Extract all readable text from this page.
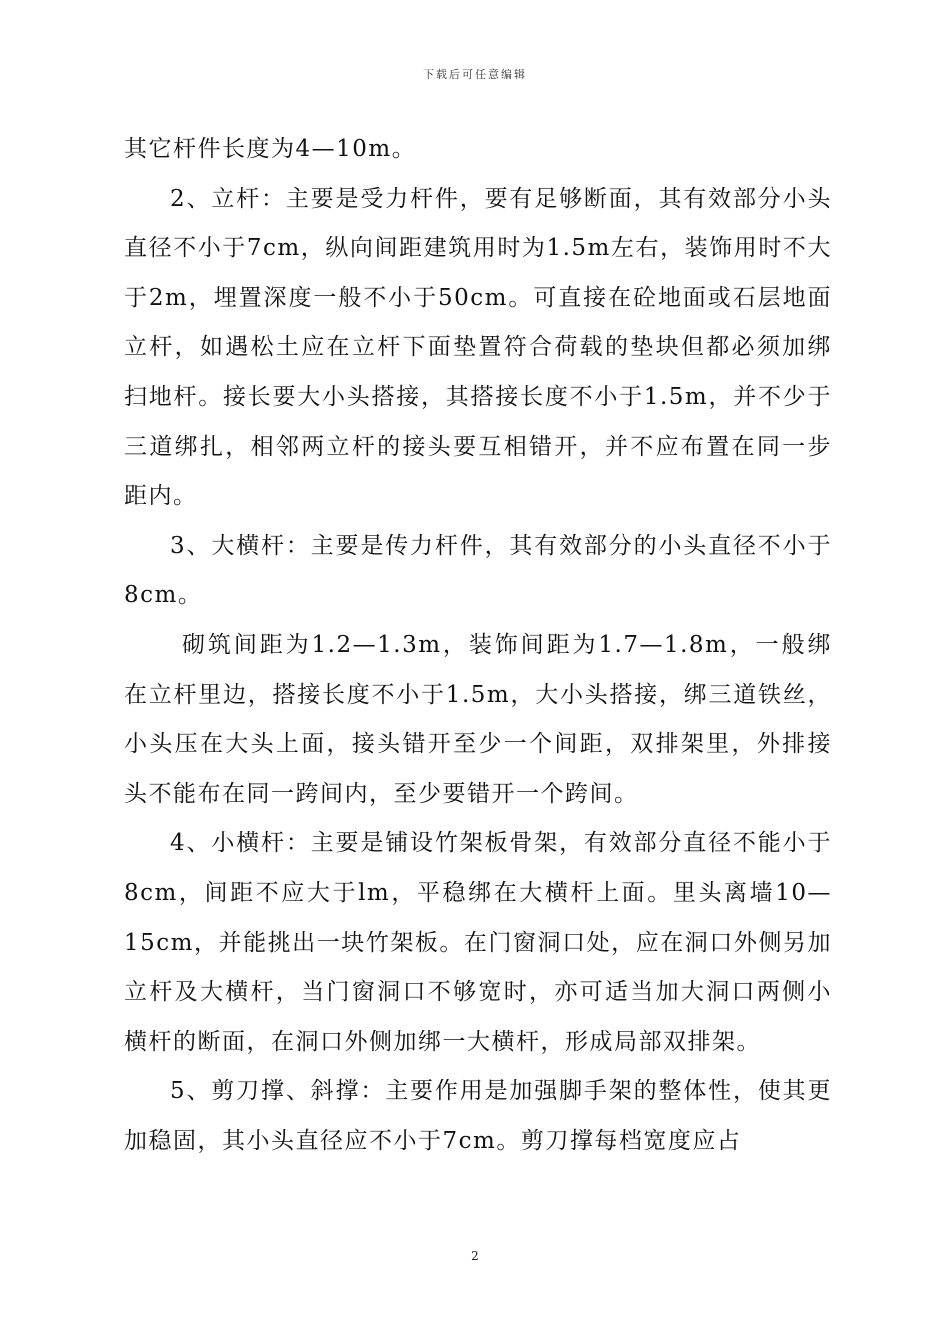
下载后可任意编辑

其它杆件长度为4—10m。

2、立杆：主要是受力杆件，要有足够断面，其有效部分小头直径不小于7cm，纵向间距建筑用时为1.5m左右，装饰用时不大于2m，埋置深度一般不小于50cm。可直接在砼地面或石层地面立杆，如遇松土应在立杆下面垫置符合荷载的垫块但都必须加绑扫地杆。接长要大小头搭接，其搭接长度不小于1.5m，并不少于三道绑扎，相邻两立杆的接头要互相错开，并不应布置在同一步距内。

3、大横杆：主要是传力杆件，其有效部分的小头直径不小于8cm。

砌筑间距为1.2—1.3m，装饰间距为1.7—1.8m，一般绑在立杆里边，搭接长度不小于1.5m，大小头搭接，绑三道铁丝，小头压在大头上面，接头错开至少一个间距，双排架里，外排接头不能布在同一跨间内，至少要错开一个跨间。

4、小横杆：主要是铺设竹架板骨架，有效部分直径不能小于8cm，间距不应大于lm，平稳绑在大横杆上面。里头离墙10—15cm，并能挑出一块竹架板。在门窗洞口处，应在洞口外侧另加立杆及大横杆，当门窗洞口不够宽时，亦可适当加大洞口两侧小横杆的断面，在洞口外侧加绑一大横杆，形成局部双排架。

5、剪刀撑、斜撑：主要作用是加强脚手架的整体性，使其更加稳固，其小头直径应不小于7cm。剪刀撑每档宽度应占

2
